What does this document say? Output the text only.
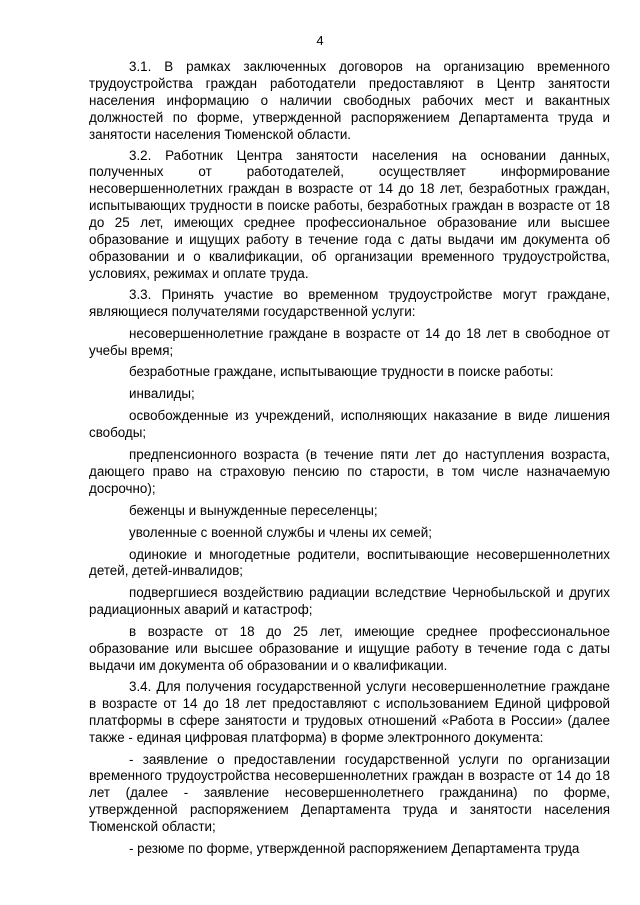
4

3.1. В рамках заключенных договоров на организацию временного трудоустройства граждан работодатели предоставляют в Центр занятости населения информацию о наличии свободных рабочих мест и вакантных должностей по форме, утвержденной распоряжением Департамента труда и занятости населения Тюменской области.

3.2. Работник Центра занятости населения на основании данных, полученных от работодателей, осуществляет информирование несовершеннолетних граждан в возрасте от 14 до 18 лет, безработных граждан, испытывающих трудности в поиске работы, безработных граждан в возрасте от 18 до 25 лет, имеющих среднее профессиональное образование или высшее образование и ищущих работу в течение года с даты выдачи им документа об образовании и о квалификации, об организации временного трудоустройства, условиях, режимах и оплате труда.

3.3. Принять участие во временном трудоустройстве могут граждане, являющиеся получателями государственной услуги:

несовершеннолетние граждане в возрасте от 14 до 18 лет в свободное от учебы время;

безработные граждане, испытывающие трудности в поиске работы:

инвалиды;

освобожденные из учреждений, исполняющих наказание в виде лишения свободы;

предпенсионного возраста (в течение пяти лет до наступления возраста, дающего право на страховую пенсию по старости, в том числе назначаемую досрочно);

беженцы и вынужденные переселенцы;

уволенные с военной службы и члены их семей;

одинокие и многодетные родители, воспитывающие несовершеннолетних детей, детей-инвалидов;

подвергшиеся воздействию радиации вследствие Чернобыльской и других радиационных аварий и катастроф;

в возрасте от 18 до 25 лет, имеющие среднее профессиональное образование или высшее образование и ищущие работу в течение года с даты выдачи им документа об образовании и о квалификации.

3.4. Для получения государственной услуги несовершеннолетние граждане в возрасте от 14 до 18 лет предоставляют с использованием Единой цифровой платформы в сфере занятости и трудовых отношений «Работа в России» (далее также - единая цифровая платформа) в форме электронного документа:

- заявление о предоставлении государственной услуги по организации временного трудоустройства несовершеннолетних граждан в возрасте от 14 до 18 лет (далее - заявление несовершеннолетнего гражданина) по форме, утвержденной распоряжением Департамента труда и занятости населения Тюменской области;

- резюме по форме, утвержденной распоряжением Департамента труда
